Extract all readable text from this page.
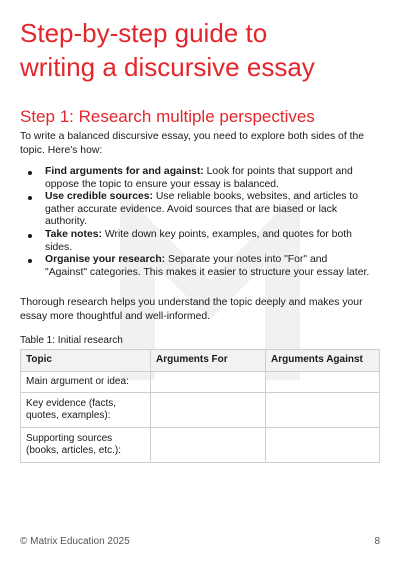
Step-by-step guide to
writing a discursive essay
Step 1: Research multiple perspectives

To write a balanced discursive essay, you need to explore both sides of the topic. Here's how:

Find arguments for and against: Look for points that support and oppose the topic to ensure your essay is balanced.
Use credible sources: Use reliable books, websites, and articles to gather accurate evidence. Avoid sources that are biased or lack authority.
Take notes: Write down key points, examples, and quotes for both sides.
Organise your research: Separate your notes into "For" and "Against" categories. This makes it easier to structure your essay later.

Thorough research helps you understand the topic deeply and makes your essay more thoughtful and well-informed.

Table 1: Initial research

Topic	Arguments For	Arguments Against
Main argument or idea:		
Key evidence (facts, quotes, examples):		
Supporting sources (books, articles, etc.):		
© Matrix Education 2025	8
